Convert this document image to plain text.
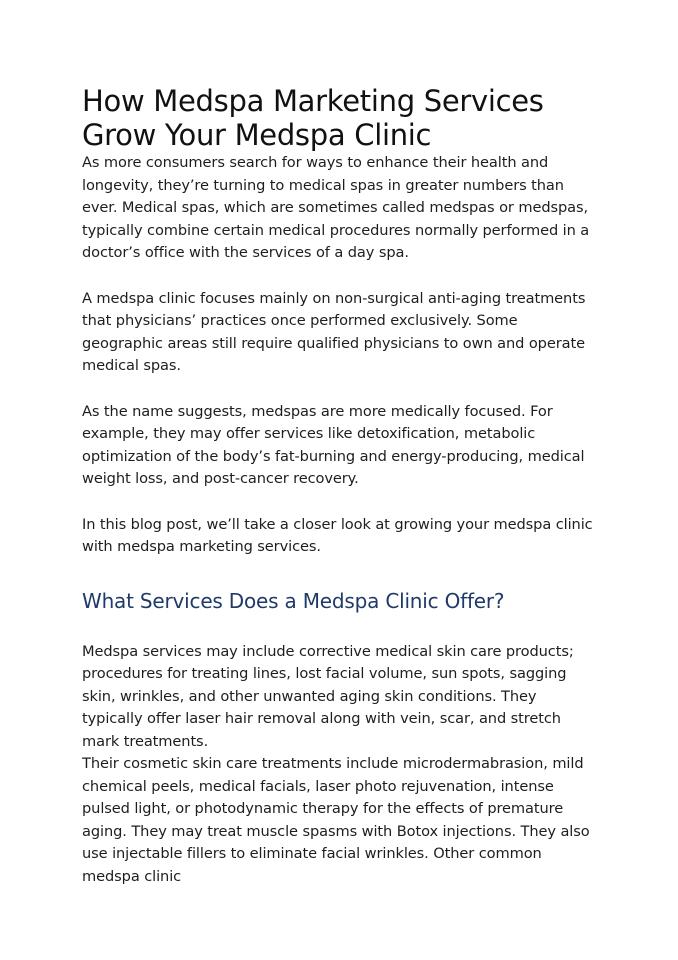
How Medspa Marketing Services Grow Your Medspa Clinic

As more consumers search for ways to enhance their health and longevity, they’re turning to medical spas in greater numbers than ever. Medical spas, which are sometimes called medspas or medspas, typically combine certain medical procedures normally performed in a doctor’s office with the services of a day spa.

A medspa clinic focuses mainly on non-surgical anti-aging treatments that physicians’ practices once performed exclusively. Some geographic areas still require qualified physicians to own and operate medical spas.

As the name suggests, medspas are more medically focused. For example, they may offer services like detoxification, metabolic optimization of the body’s fat-burning and energy-producing, medical weight loss, and post-cancer recovery.

In this blog post, we’ll take a closer look at growing your medspa clinic with medspa marketing services.

What Services Does a Medspa Clinic Offer?

Medspa services may include corrective medical skin care products; procedures for treating lines, lost facial volume, sun spots, sagging skin, wrinkles, and other unwanted aging skin conditions. They typically offer laser hair removal along with vein, scar, and stretch mark treatments.

Their cosmetic skin care treatments include microdermabrasion, mild chemical peels, medical facials, laser photo rejuvenation, intense pulsed light, or photodynamic therapy for the effects of premature aging. They may treat muscle spasms with Botox injections. They also use injectable fillers to eliminate facial wrinkles. Other common medspa clinic
